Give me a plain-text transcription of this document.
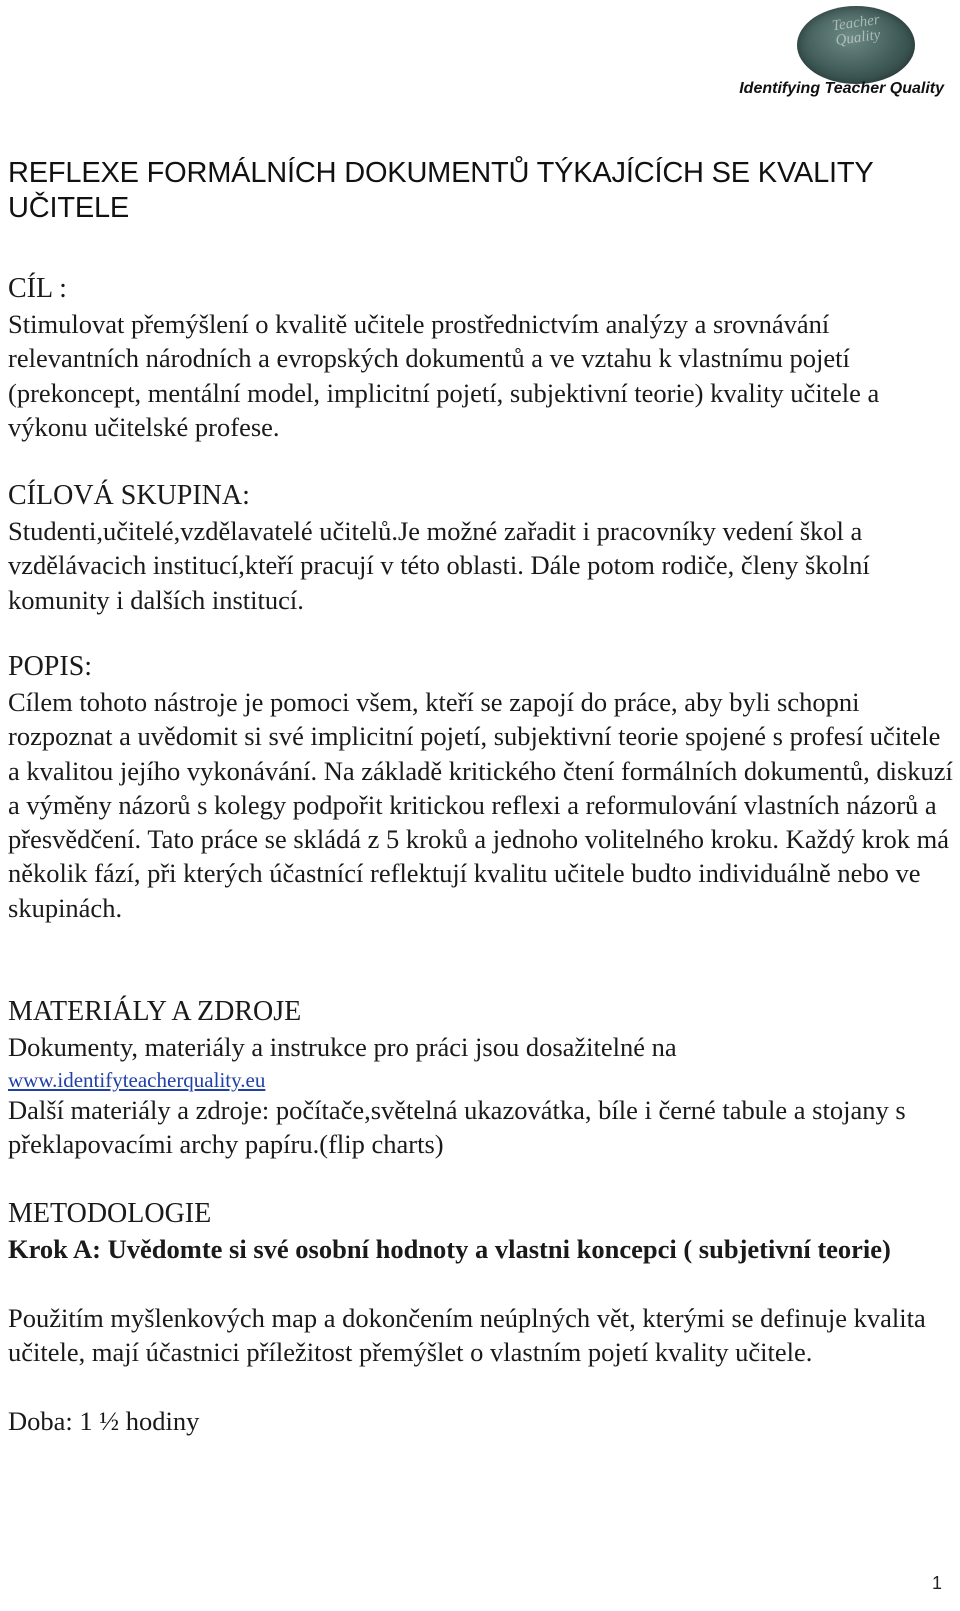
Teacher Quality
Identifying Teacher Quality
REFLEXE FORMÁLNÍCH DOKUMENTŮ TÝKAJÍCÍCH SE KVALITY UČITELE
CÍL :

Stimulovat přemýšlení o kvalitě učitele prostřednictvím analýzy a srovnávání relevantních národních a evropských dokumentů a ve vztahu k vlastnímu pojetí (prekoncept, mentální model, implicitní pojetí, subjektivní teorie) kvality učitele a výkonu učitelské profese.

CÍLOVÁ SKUPINA:

Studenti,učitelé,vzdělavatelé učitelů.Je možné zařadit i pracovníky vedení škol a vzdělávacich institucí,kteří pracují v této oblasti. Dále potom rodiče, členy školní komunity i dalších institucí.

POPIS:

Cílem tohoto nástroje je pomoci všem, kteří se zapojí do práce, aby byli schopni rozpoznat a uvědomit si své implicitní pojetí, subjektivní teorie spojené s profesí učitele a kvalitou jejího vykonávání. Na základě kritického čtení formálních dokumentů, diskuzí a výměny názorů s kolegy podpořit kritickou reflexi a reformulování vlastních názorů a přesvědčení. Tato práce se skládá z 5 kroků a jednoho volitelného kroku. Každý krok má několik fází, při kterých účastnící reflektují kvalitu učitele budto individuálně nebo ve skupinách.

MATERIÁLY A ZDROJE

Dokumenty, materiály a instrukce pro práci jsou dosažitelné na

www.identifyteacherquality.eu

Další materiály a zdroje: počítače,světelná ukazovátka, bíle i černé tabule a stojany s překlapovacími archy papíru.(flip charts)

METODOLOGIE

Krok A: Uvědomte si své osobní hodnoty a vlastni koncepci ( subjetivní teorie)

Použitím myšlenkových map a dokončením neúplných vět, kterými se definuje kvalita učitele, mají účastnici příležitost přemýšlet o vlastním pojetí kvality učitele.

Doba: 1 ½ hodiny

1
